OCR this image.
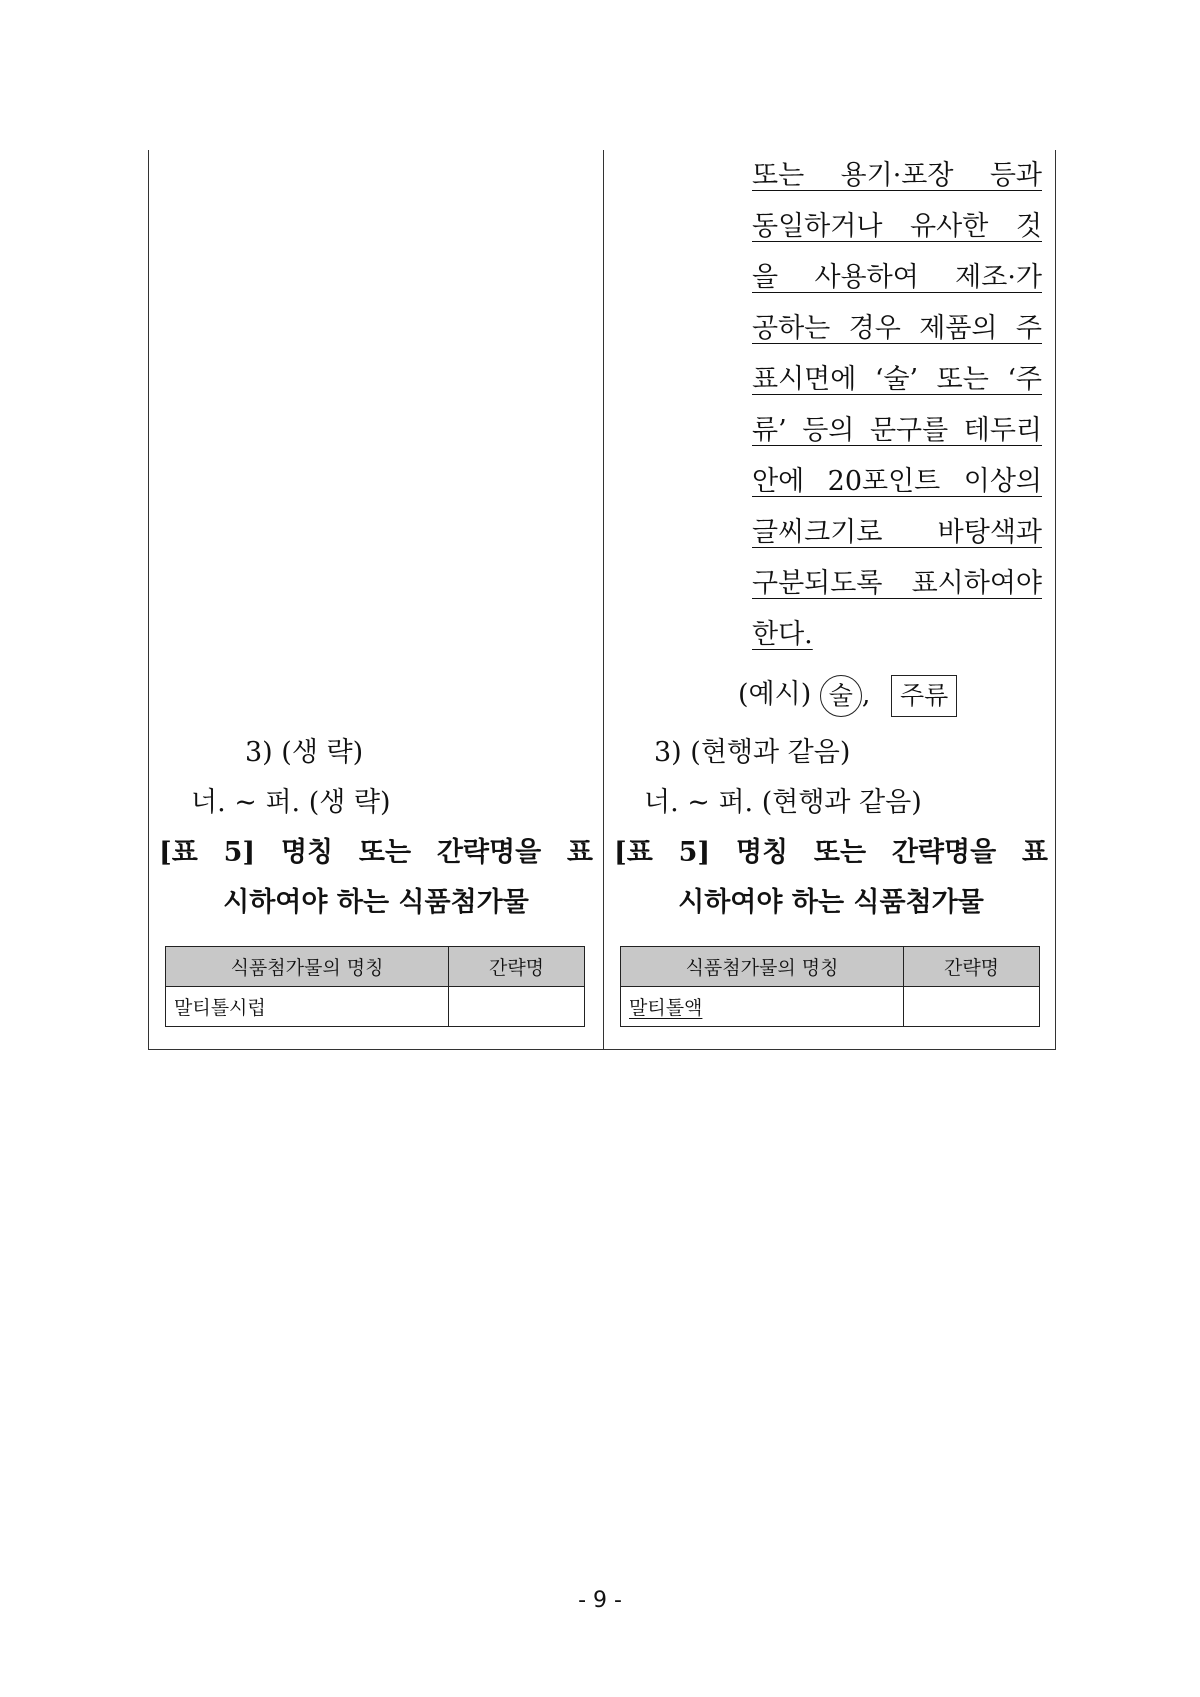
3) (생 략)
너. ~ 퍼. (생 략)
[표 5] 명칭 또는 간략명을 표
시하여야 하는 식품첨가물
식품첨가물의 명칭	간략명
말티톨시럽	
또는 용기·포장 등과
동일하거나 유사한 것
을 사용하여 제조·가
공하는 경우 제품의 주
표시면에 ‘술’ 또는 ‘주
류’ 등의 문구를 테두리
안에 20포인트 이상의
글씨크기로 바탕색과
구분되도록 표시하여야
한다.
(예시) 술 , 주류
3) (현행과 같음)
너. ~ 퍼. (현행과 같음)
[표 5] 명칭 또는 간략명을 표
시하여야 하는 식품첨가물
식품첨가물의 명칭	간략명
말티톨액	
- 9 -
